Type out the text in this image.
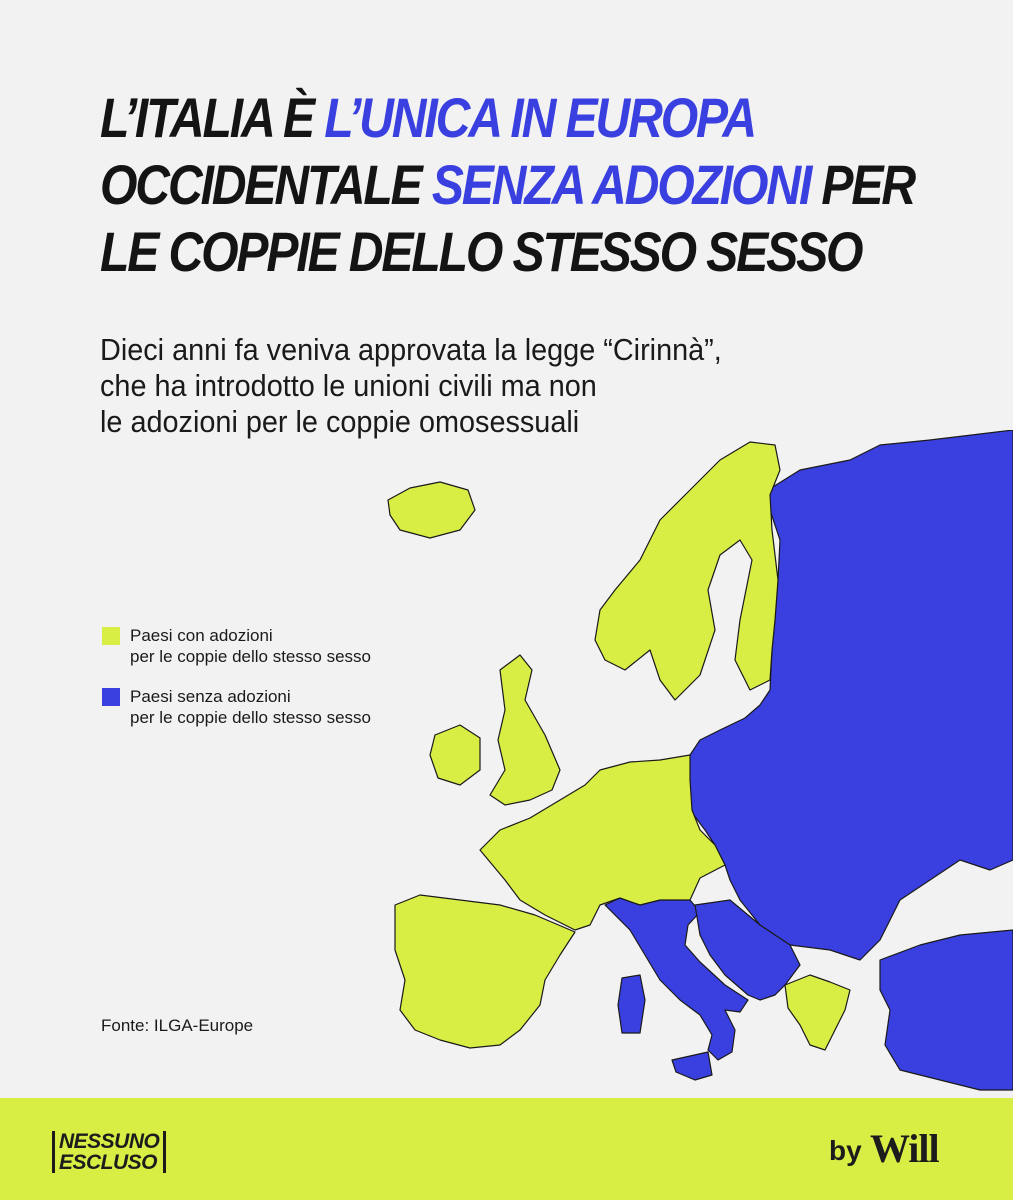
L’ITALIA È L’UNICA IN EUROPA
OCCIDENTALE SENZA ADOZIONI PER
LE COPPIE DELLO STESSO SESSO
Dieci anni fa veniva approvata la legge “Cirinnà”,
che ha introdotto le unioni civili ma non
le adozioni per le coppie omosessuali
Paesi con adozioni
per le coppie dello stesso sesso
Paesi senza adozioni
per le coppie dello stesso sesso
Fonte: ILGA-Europe
NESSUNO
ESCLUSO	by Will
